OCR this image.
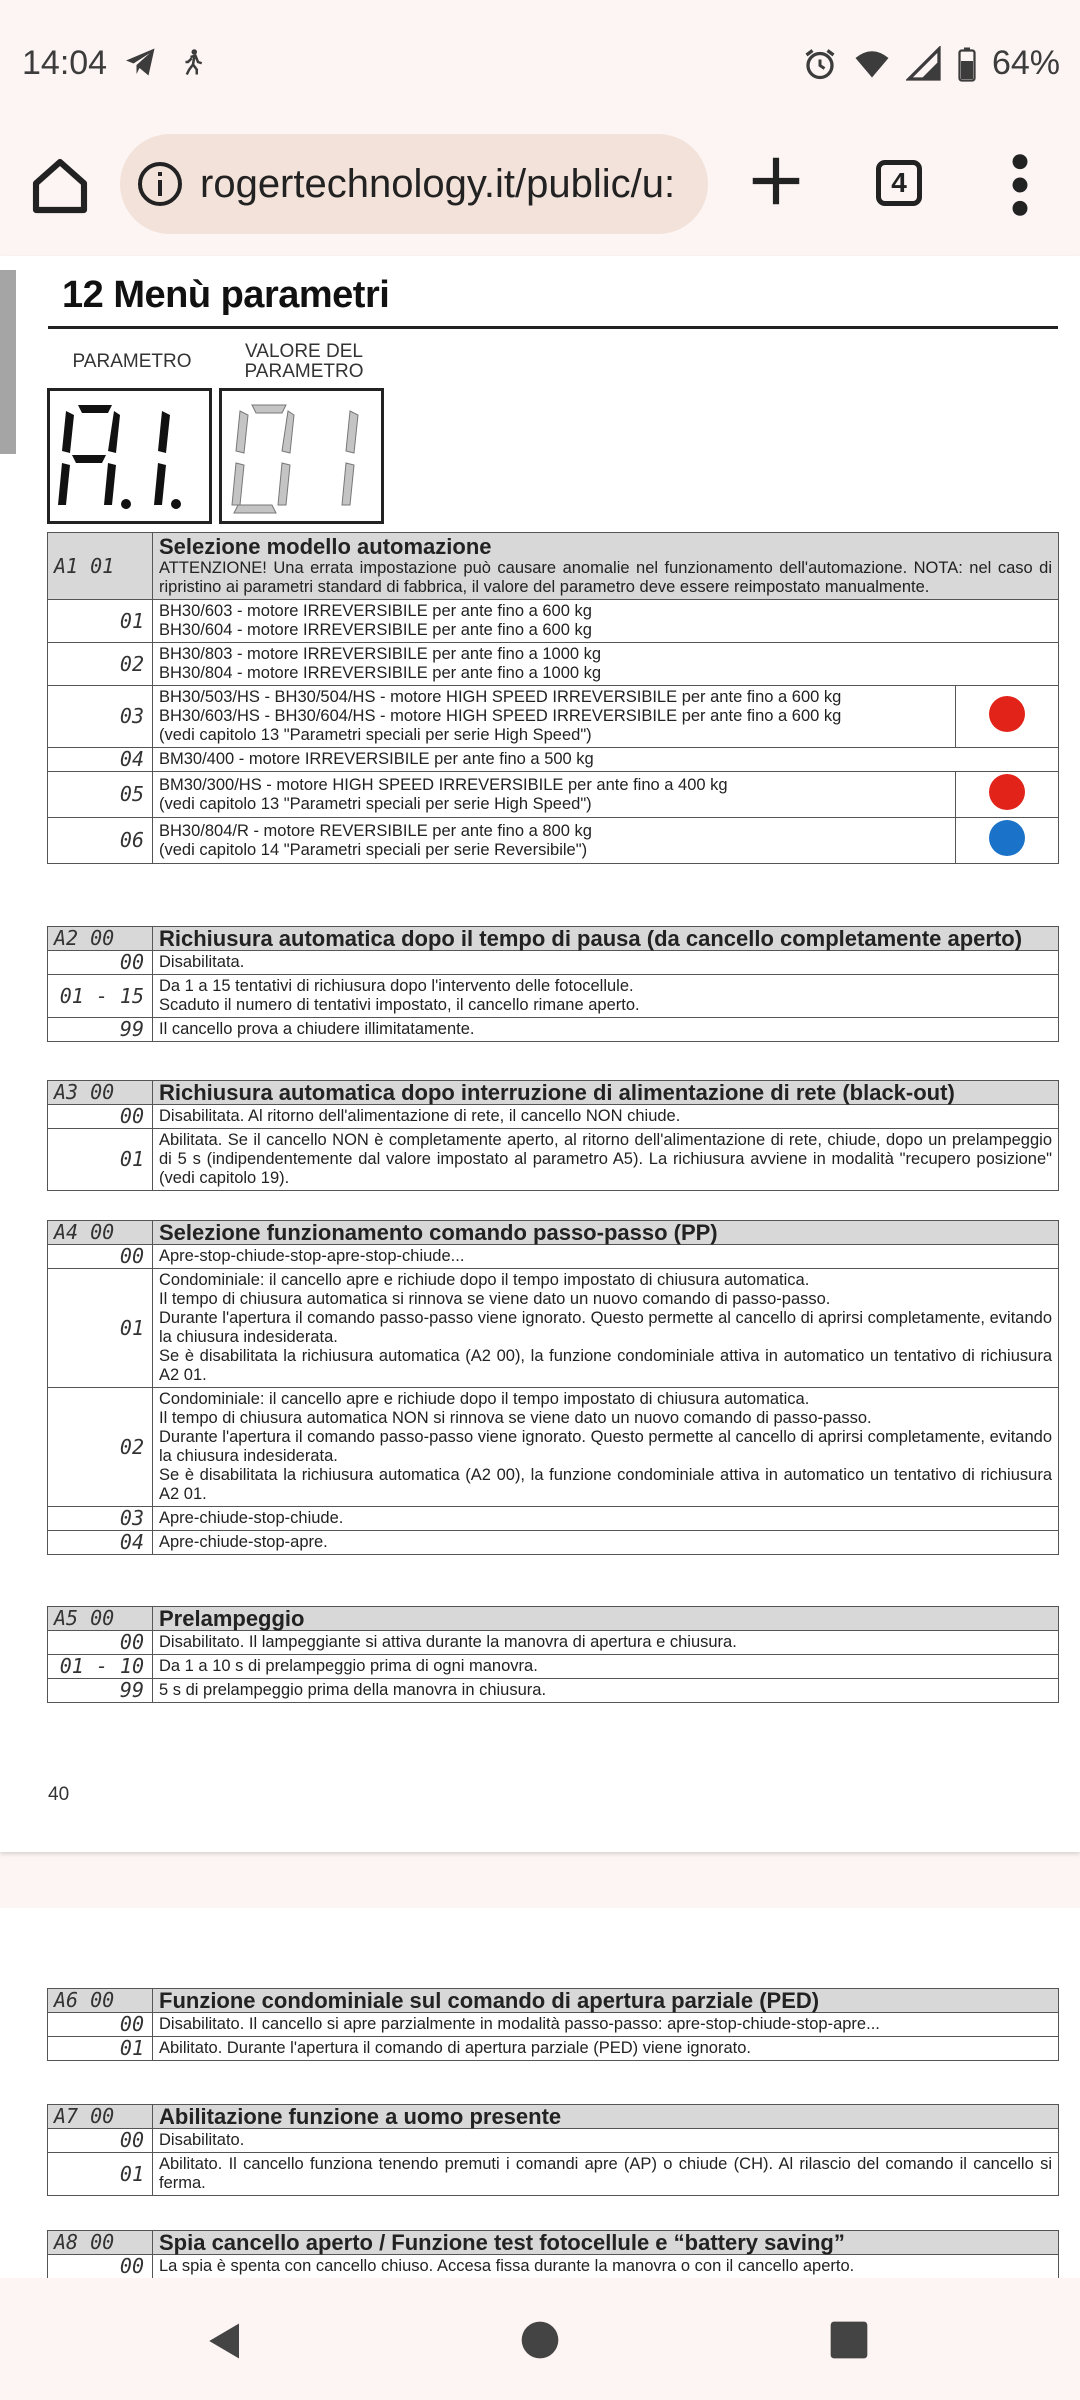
14:04	64%
rogertechnology.it/public/u:	4
12 Menù parametri
PARAMETRO	VALORE DEL PARAMETRO
A1 01	Selezione modello automazione
ATTENZIONE! Una errata impostazione può causare anomalie nel funzionamento dell'automazione. NOTA: nel caso di ripristino ai parametri standard di fabbrica, il valore del parametro deve essere reimpostato manualmente.	

01	BH30/603 - motore IRREVERSIBILE per ante fino a 600 kg
BH30/604 - motore IRREVERSIBILE per ante fino a 600 kg	
02	BH30/803 - motore IRREVERSIBILE per ante fino a 1000 kg
BH30/804 - motore IRREVERSIBILE per ante fino a 1000 kg	
03	BH30/503/HS - BH30/504/HS - motore HIGH SPEED IRREVERSIBILE per ante fino a 600 kg
BH30/603/HS - BH30/604/HS - motore HIGH SPEED IRREVERSIBILE per ante fino a 600 kg
(vedi capitolo 13 "Parametri speciali per serie High Speed")	
04	BM30/400 - motore IRREVERSIBILE per ante fino a 500 kg	
05	BM30/300/HS - motore HIGH SPEED IRREVERSIBILE per ante fino a 400 kg
(vedi capitolo 13 "Parametri speciali per serie High Speed")	
06	BH30/804/R - motore REVERSIBILE per ante fino a 800 kg
(vedi capitolo 14 "Parametri speciali per serie Reversibile")	
A2 00	Richiusura automatica dopo il tempo di pausa (da cancello completamente aperto)
00	Disabilitata.
01 - 15	Da 1 a 15 tentativi di richiusura dopo l'intervento delle fotocellule.
Scaduto il numero di tentativi impostato, il cancello rimane aperto.
99	Il cancello prova a chiudere illimitatamente.
A3 00	Richiusura automatica dopo interruzione di alimentazione di rete (black-out)
00	Disabilitata. Al ritorno dell'alimentazione di rete, il cancello NON chiude.
01	Abilitata. Se il cancello NON è completamente aperto, al ritorno dell'alimentazione di rete, chiude, dopo un prelampeggio di 5 s (indipendentemente dal valore impostato al parametro A5). La richiusura avviene in modalità "recupero posizione" (vedi capitolo 19).
A4 00	Selezione funzionamento comando passo-passo (PP)
00	Apre-stop-chiude-stop-apre-stop-chiude...
01	Condominiale: il cancello apre e richiude dopo il tempo impostato di chiusura automatica.
Il tempo di chiusura automatica si rinnova se viene dato un nuovo comando di passo-passo.
Durante l'apertura il comando passo-passo viene ignorato. Questo permette al cancello di aprirsi completamente, evitando la chiusura indesiderata.
Se è disabilitata la richiusura automatica (A2 00), la funzione condominiale attiva in automatico un tentativo di richiusura A2 01.
02	Condominiale: il cancello apre e richiude dopo il tempo impostato di chiusura automatica.
Il tempo di chiusura automatica NON si rinnova se viene dato un nuovo comando di passo-passo.
Durante l'apertura il comando passo-passo viene ignorato. Questo permette al cancello di aprirsi completamente, evitando la chiusura indesiderata.
Se è disabilitata la richiusura automatica (A2 00), la funzione condominiale attiva in automatico un tentativo di richiusura A2 01.
03	Apre-chiude-stop-chiude.
04	Apre-chiude-stop-apre.
A5 00	Prelampeggio
00	Disabilitato. Il lampeggiante si attiva durante la manovra di apertura e chiusura.
01 - 10	Da 1 a 10 s di prelampeggio prima di ogni manovra.
99	5 s di prelampeggio prima della manovra in chiusura.
40
A6 00	Funzione condominiale sul comando di apertura parziale (PED)
00	Disabilitato. Il cancello si apre parzialmente in modalità passo-passo: apre-stop-chiude-stop-apre...
01	Abilitato. Durante l'apertura il comando di apertura parziale (PED) viene ignorato.
A7 00	Abilitazione funzione a uomo presente
00	Disabilitato.
01	Abilitato. Il cancello funziona tenendo premuti i comandi apre (AP) o chiude (CH). Al rilascio del comando il cancello si ferma.
A8 00	Spia cancello aperto / Funzione test fotocellule e “battery saving”
00	La spia è spenta con cancello chiuso. Accesa fissa durante la manovra o con il cancello aperto.
